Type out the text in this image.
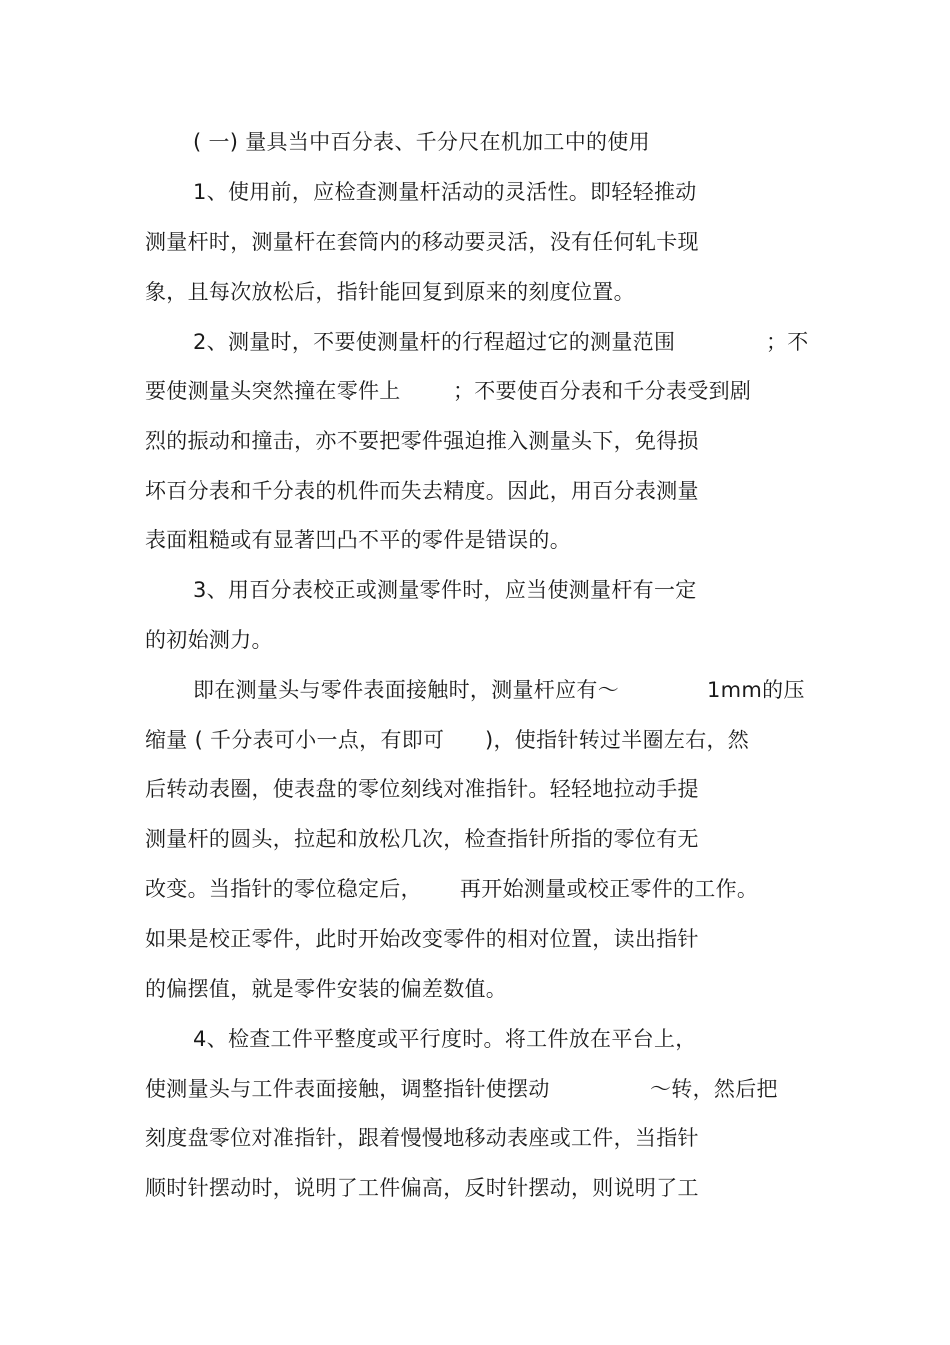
( 一) 量具当中百分表、千分尺在机加工中的使用
1、使用前，应检查测量杆活动的灵活性。即轻轻推动
测量杆时，测量杆在套筒内的移动要灵活，没有任何轧卡现
象，且每次放松后，指针能回复到原来的刻度位置。
2、测量时，不要使测量杆的行程超过它的测量范围	；不
要使测量头突然撞在零件上 ；不要使百分表和千分表受到剧
烈的振动和撞击，亦不要把零件强迫推入测量头下，免得损
坏百分表和千分表的机件而失去精度。因此，用百分表测量
表面粗糙或有显著凹凸不平的零件是错误的。
3、用百分表校正或测量零件时，应当使测量杆有一定
的初始测力。
即在测量头与零件表面接触时，测量杆应有～	1mm的压
缩量 ( 千分表可小一点，有即可 )，使指针转过半圈左右，然
后转动表圈，使表盘的零位刻线对准指针。轻轻地拉动手提
测量杆的圆头，拉起和放松几次，检查指针所指的零位有无
改变。当指针的零位稳定后， 再开始测量或校正零件的工作。
如果是校正零件，此时开始改变零件的相对位置，读出指针
的偏摆值，就是零件安装的偏差数值。
4、检查工件平整度或平行度时。将工件放在平台上，
使测量头与工件表面接触，调整指针使摆动	～转，然后把
刻度盘零位对准指针，跟着慢慢地移动表座或工件，当指针
顺时针摆动时，说明了工件偏高，反时针摆动，则说明了工
